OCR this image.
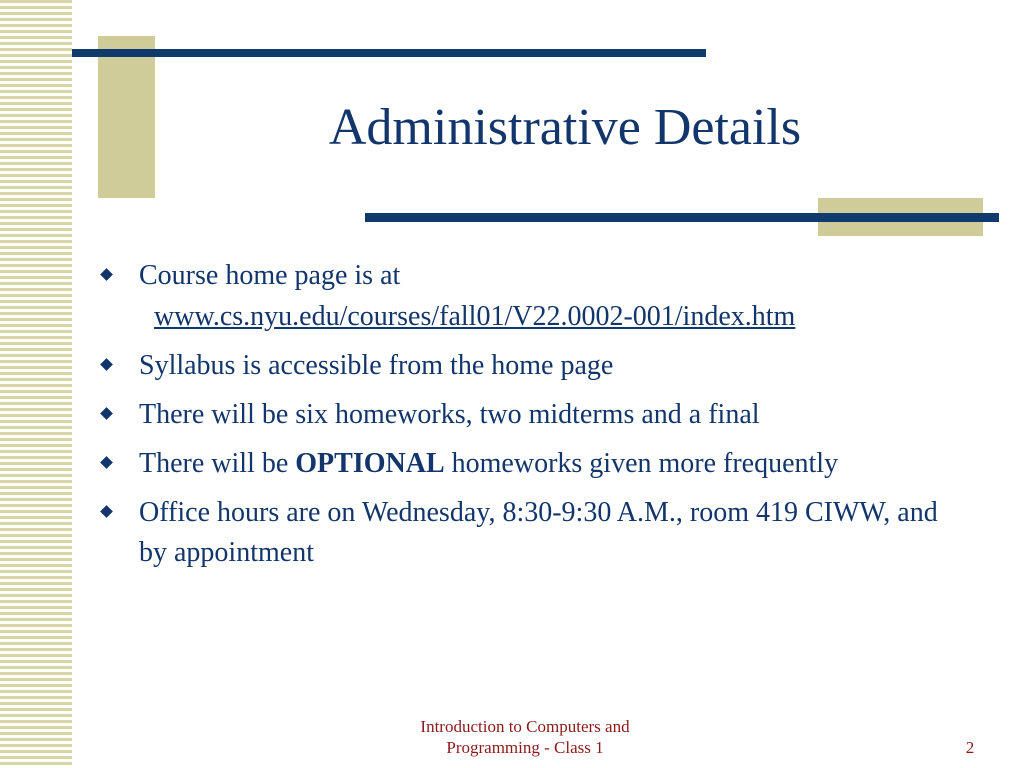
Administrative Details
Course home page is at
www.cs.nyu.edu/courses/fall01/V22.0002-001/index.htm
Syllabus is accessible from the home page
There will be six homeworks, two midterms and a final
There will be OPTIONAL homeworks given more frequently
Office hours are on Wednesday, 8:30-9:30 A.M., room 419 CIWW, and by appointment
Introduction to Computers and
Programming - Class 1	2
